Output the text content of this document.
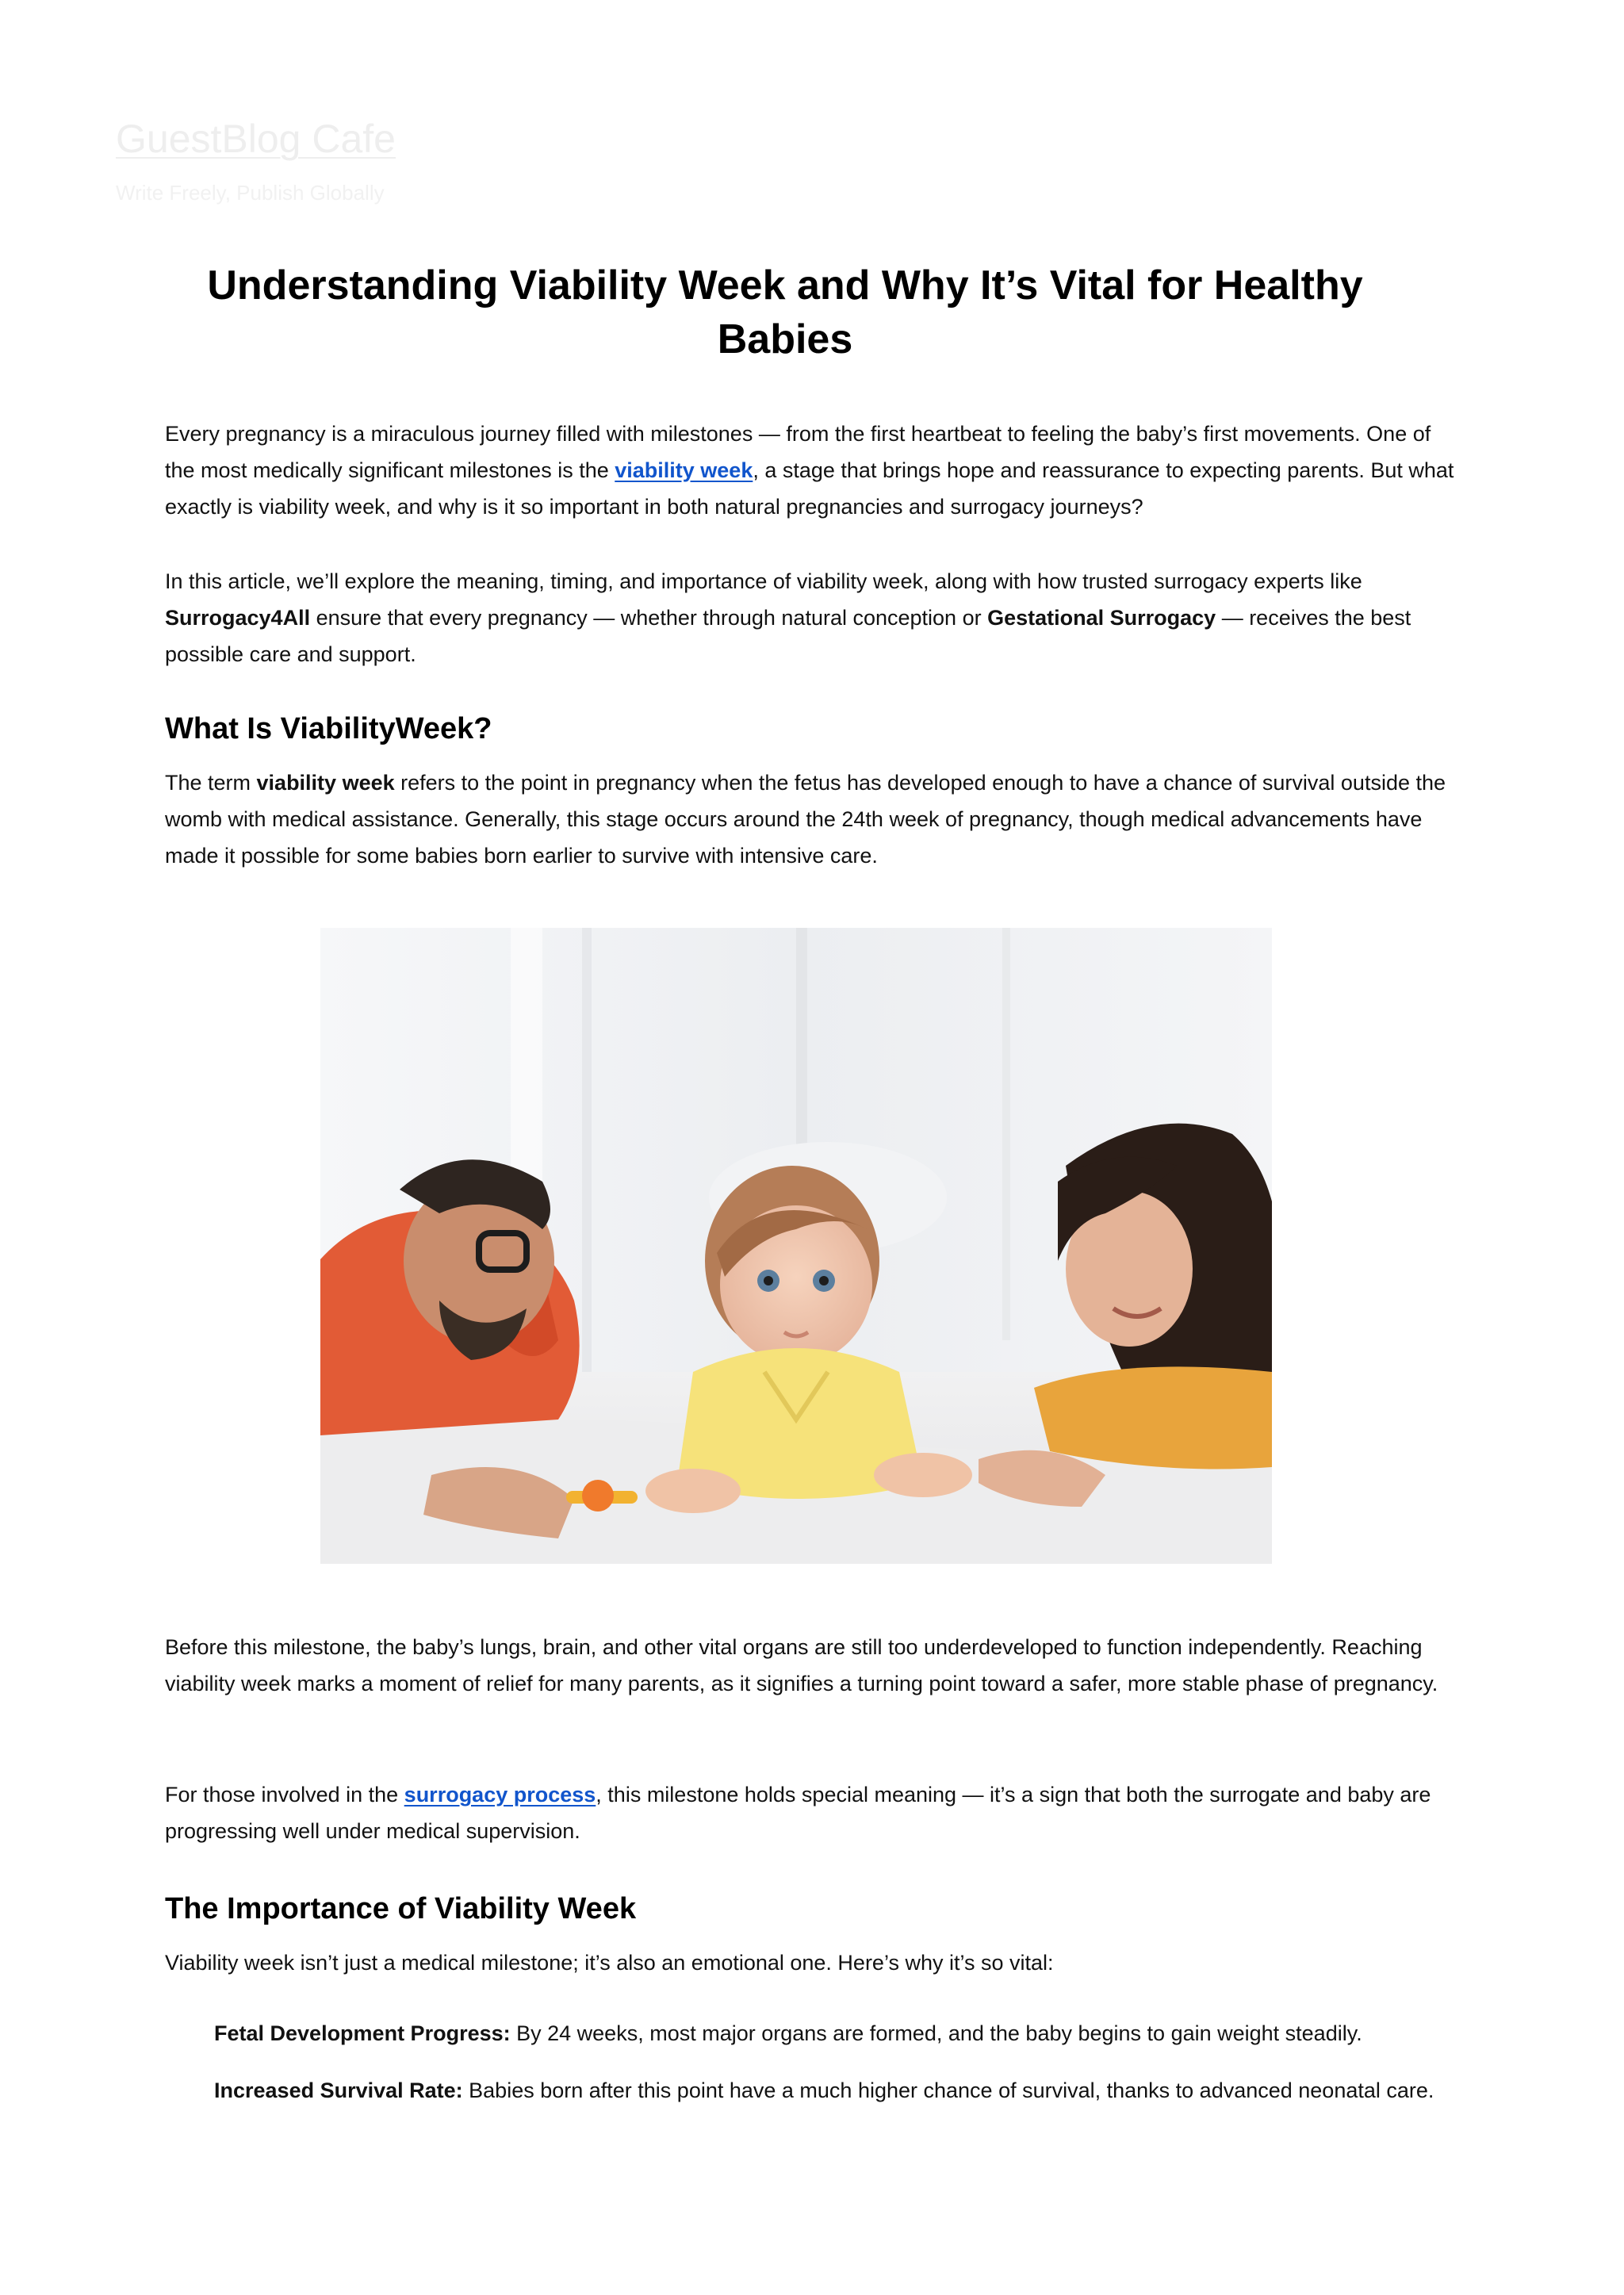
GuestBlog Cafe
Write Freely, Publish Globally
Understanding Viability Week and Why It’s Vital for Healthy Babies

Every pregnancy is a miraculous journey filled with milestones — from the first heartbeat to feeling the baby’s first movements. One of the most medically significant milestones is the viability week, a stage that brings hope and reassurance to expecting parents. But what exactly is viability week, and why is it so important in both natural pregnancies and surrogacy journeys?

In this article, we’ll explore the meaning, timing, and importance of viability week, along with how trusted surrogacy experts like Surrogacy4All ensure that every pregnancy — whether through natural conception or Gestational Surrogacy — receives the best possible care and support.

What Is ViabilityWeek?

The term viability week refers to the point in pregnancy when the fetus has developed enough to have a chance of survival outside the womb with medical assistance. Generally, this stage occurs around the 24th week of pregnancy, though medical advancements have made it possible for some babies born earlier to survive with intensive care.

Before this milestone, the baby’s lungs, brain, and other vital organs are still too underdeveloped to function independently. Reaching viability week marks a moment of relief for many parents, as it signifies a turning point toward a safer, more stable phase of pregnancy.

For those involved in the surrogacy process, this milestone holds special meaning — it’s a sign that both the surrogate and baby are progressing well under medical supervision.

The Importance of Viability Week

Viability week isn’t just a medical milestone; it’s also an emotional one. Here’s why it’s so vital:

Fetal Development Progress: By 24 weeks, most major organs are formed, and the baby begins to gain weight steadily.

Increased Survival Rate: Babies born after this point have a much higher chance of survival, thanks to advanced neonatal care.
